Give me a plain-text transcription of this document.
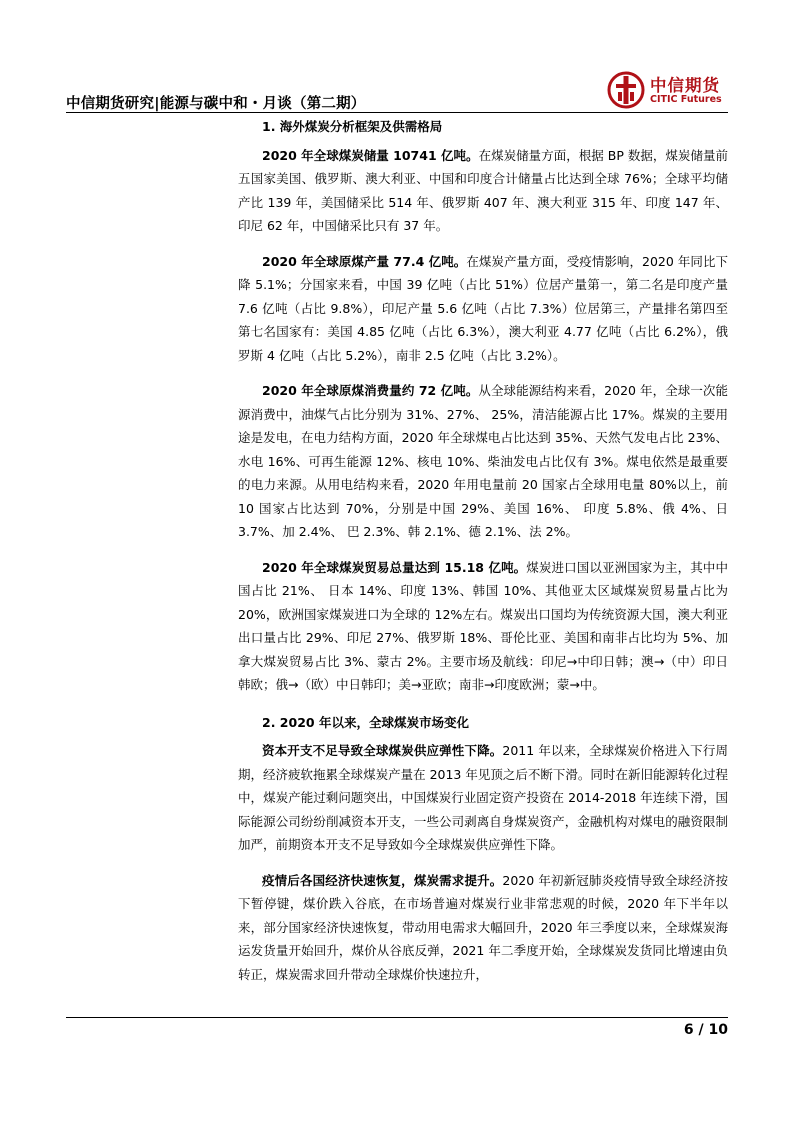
中信期货研究|能源与碳中和・月谈（第二期）
中信期货
CITIC Futures
1. 海外煤炭分析框架及供需格局

2020 年全球煤炭储量 10741 亿吨。在煤炭储量方面，根据 BP 数据，煤炭储量前五国家美国、俄罗斯、澳大利亚、中国和印度合计储量占比达到全球 76%；全球平均储产比 139 年，美国储采比 514 年、俄罗斯 407 年、澳大利亚 315 年、印度 147 年、印尼 62 年，中国储采比只有 37 年。

2020 年全球原煤产量 77.4 亿吨。在煤炭产量方面，受疫情影响，2020 年同比下降 5.1%；分国家来看，中国 39 亿吨（占比 51%）位居产量第一，第二名是印度产量 7.6 亿吨（占比 9.8%），印尼产量 5.6 亿吨（占比 7.3%）位居第三，产量排名第四至第七名国家有：美国 4.85 亿吨（占比 6.3%），澳大利亚 4.77 亿吨（占比 6.2%），俄罗斯 4 亿吨（占比 5.2%），南非 2.5 亿吨（占比 3.2%）。

2020 年全球原煤消费量约 72 亿吨。从全球能源结构来看，2020 年，全球一次能源消费中，油煤气占比分别为 31%、27%、 25%，清洁能源占比 17%。煤炭的主要用途是发电，在电力结构方面，2020 年全球煤电占比达到 35%、天然气发电占比 23%、水电 16%、可再生能源 12%、核电 10%、柴油发电占比仅有 3%。煤电依然是最重要的电力来源。从用电结构来看，2020 年用电量前 20 国家占全球用电量 80%以上，前 10 国家占比达到 70%，分别是中国 29%、美国 16%、 印度 5.8%、俄 4%、日 3.7%、加 2.4%、 巴 2.3%、韩 2.1%、德 2.1%、法 2%。

2020 年全球煤炭贸易总量达到 15.18 亿吨。煤炭进口国以亚洲国家为主，其中中国占比 21%、 日本 14%、印度 13%、韩国 10%、其他亚太区域煤炭贸易量占比为 20%，欧洲国家煤炭进口为全球的 12%左右。煤炭出口国均为传统资源大国，澳大利亚出口量占比 29%、印尼 27%、俄罗斯 18%、哥伦比亚、美国和南非占比均为 5%、加拿大煤炭贸易占比 3%、蒙古 2%。主要市场及航线：印尼→中印日韩；澳→（中）印日韩欧；俄→（欧）中日韩印；美→亚欧；南非→印度欧洲；蒙→中。

2. 2020 年以来，全球煤炭市场变化

资本开支不足导致全球煤炭供应弹性下降。2011 年以来，全球煤炭价格进入下行周期，经济疲软拖累全球煤炭产量在 2013 年见顶之后不断下滑。同时在新旧能源转化过程中，煤炭产能过剩问题突出，中国煤炭行业固定资产投资在 2014-2018 年连续下滑，国际能源公司纷纷削减资本开支，一些公司剥离自身煤炭资产，金融机构对煤电的融资限制加严，前期资本开支不足导致如今全球煤炭供应弹性下降。

疫情后各国经济快速恢复，煤炭需求提升。2020 年初新冠肺炎疫情导致全球经济按下暂停键，煤价跌入谷底，在市场普遍对煤炭行业非常悲观的时候，2020 年下半年以来，部分国家经济快速恢复，带动用电需求大幅回升，2020 年三季度以来，全球煤炭海运发货量开始回升，煤价从谷底反弹，2021 年二季度开始，全球煤炭发货同比增速由负转正，煤炭需求回升带动全球煤价快速拉升，

6 / 10
